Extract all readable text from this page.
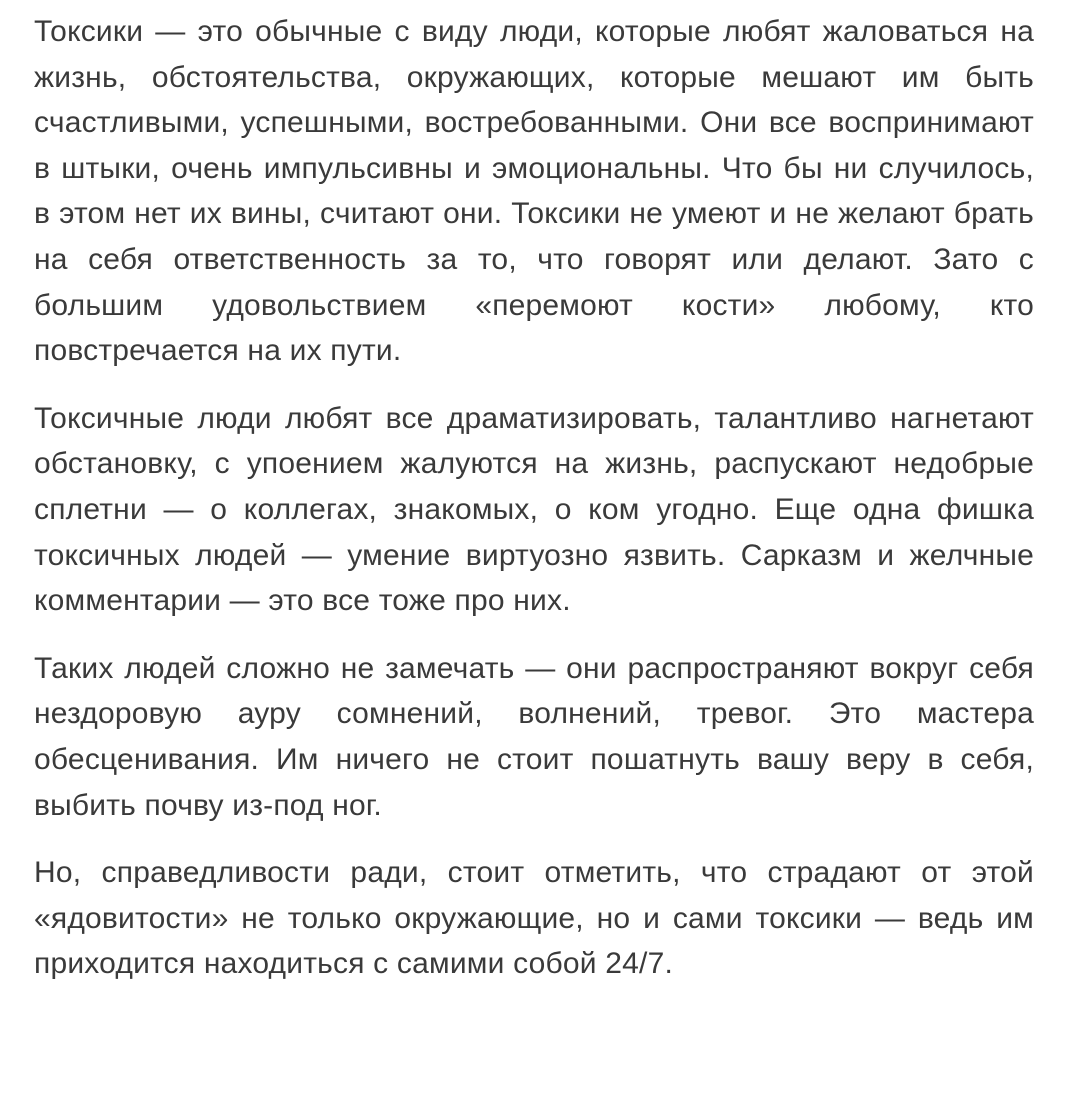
Токсики — это обычные с виду люди, которые любят жаловаться на жизнь, обстоятельства, окружающих, которые мешают им быть счастливыми, успешными, востребованными. Они все воспринимают в штыки, очень импульсивны и эмоциональны. Что бы ни случилось, в этом нет их вины, считают они. Токсики не умеют и не желают брать на себя ответственность за то, что говорят или делают. Зато с большим удовольствием «перемоют кости» любому, кто повстречается на их пути.

Токсичные люди любят все драматизировать, талантливо нагнетают обстановку, с упоением жалуются на жизнь, распускают недобрые сплетни — о коллегах, знакомых, о ком угодно. Еще одна фишка токсичных людей — умение виртуозно язвить. Сарказм и желчные комментарии — это все тоже про них.

Таких людей сложно не замечать — они распространяют вокруг себя нездоровую ауру сомнений, волнений, тревог. Это мастера обесценивания. Им ничего не стоит пошатнуть вашу веру в себя, выбить почву из-под ног.

Но, справедливости ради, стоит отметить, что страдают от этой «ядовитости» не только окружающие, но и сами токсики — ведь им приходится находиться с самими собой 24/7.
